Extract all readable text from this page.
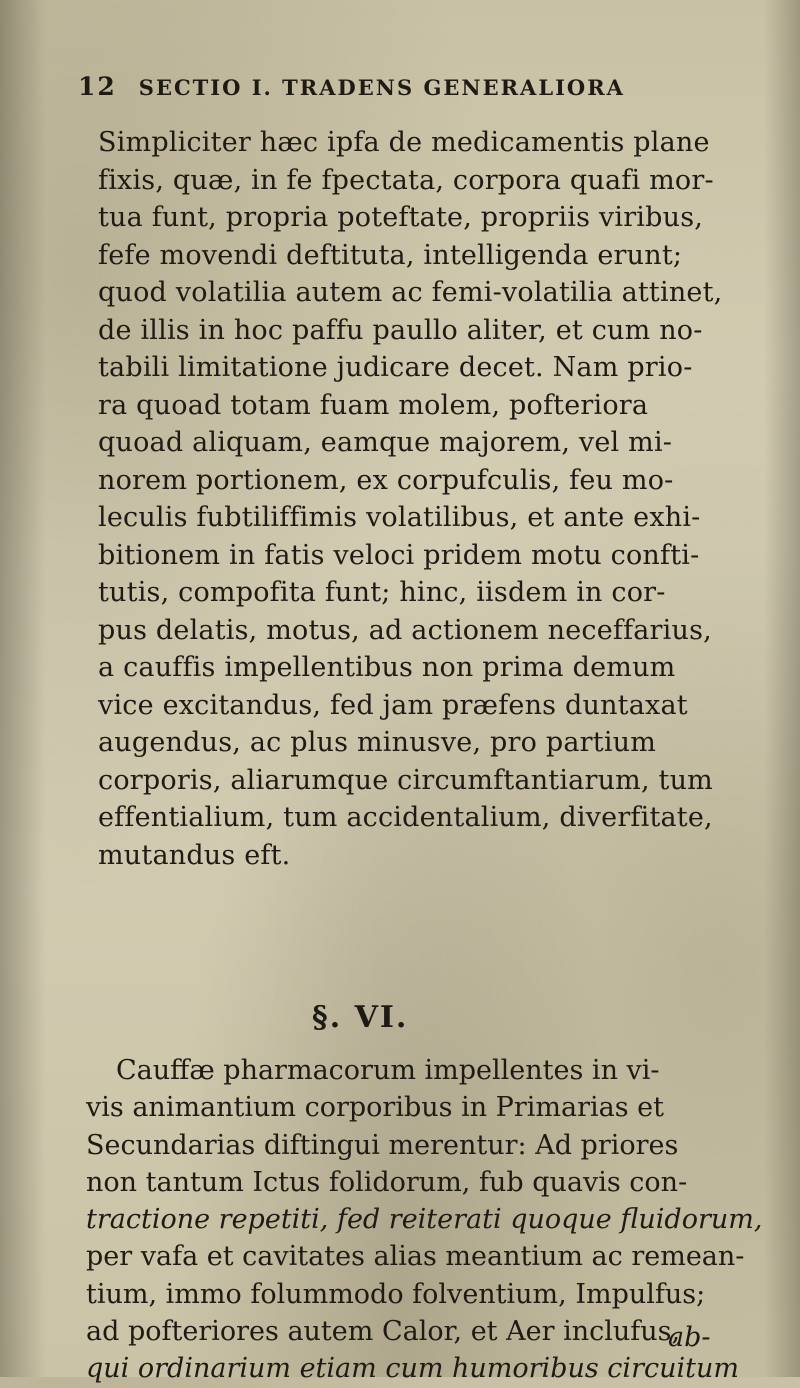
12 SECTIO I. TRADENS GENERALIORA
Simpliciter hæc ipfa de medicamentis plane
fixis, quæ, in fe fpectata, corpora quafi mor-
tua funt, propria poteftate, propriis viribus,
fefe movendi deftituta, intelligenda erunt;
quod volatilia autem ac femi-volatilia attinet,
de illis in hoc paffu paullo aliter, et cum no-
tabili limitatione judicare decet. Nam prio-
ra quoad totam fuam molem, pofteriora
quoad aliquam, eamque majorem, vel mi-
norem portionem, ex corpufculis, feu mo-
leculis fubtiliffimis volatilibus, et ante exhi-
bitionem in fatis veloci pridem motu confti-
tutis, compofita funt; hinc, iisdem in cor-
pus delatis, motus, ad actionem neceffarius,
a cauffis impellentibus non prima demum
vice excitandus, fed jam præfens duntaxat
augendus, ac plus minusve, pro partium
corporis, aliarumque circumftantiarum, tum
effentialium, tum accidentalium, diverfitate,
mutandus eft.
§. VI.
Cauffæ pharmacorum impellentes in vi-
vis animantium corporibus in Primarias et
Secundarias diftingui merentur: Ad priores
non tantum Ictus folidorum, fub quavis con-
tractione repetiti, fed reiterati quoque fluidorum,
per vafa et cavitates alias meantium ac remean-
tium, immo folummodo folventium, Impulfus;
ad pofteriores autem Calor, et Aer inclufus,
qui ordinarium etiam cum humoribus circuitum
ab-
